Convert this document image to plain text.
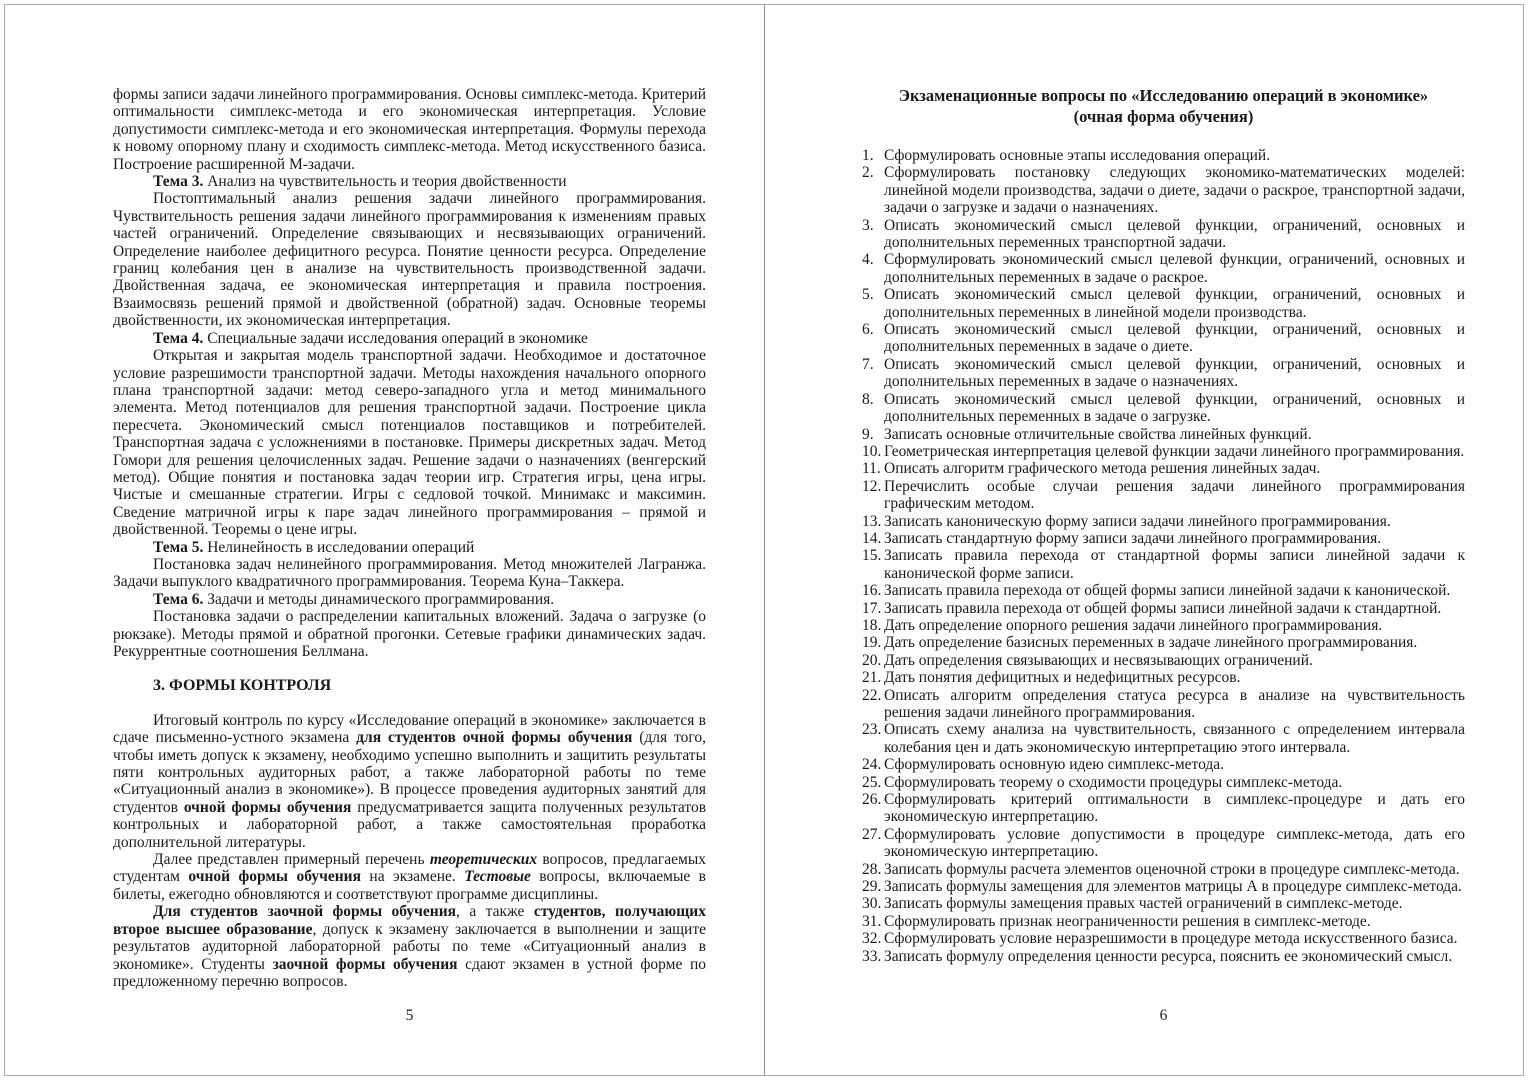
формы записи задачи линейного программирования. Основы симплекс-метода. Критерий оптимальности симплекс-метода и его экономическая интерпретация. Условие допустимости симплекс-метода и его экономическая интерпретация. Формулы перехода к новому опорному плану и сходимость симплекс-метода. Метод искусственного базиса. Построение расширенной М-задачи.

Тема 3. Анализ на чувствительность и теория двойственности

Постоптимальный анализ решения задачи линейного программирования. Чувствительность решения задачи линейного программирования к изменениям правых частей ограничений. Определение связывающих и несвязывающих ограничений. Определение наиболее дефицитного ресурса. Понятие ценности ресурса. Определение границ колебания цен в анализе на чувствительность производственной задачи. Двойственная задача, ее экономическая интерпретация и правила построения. Взаимосвязь решений прямой и двойственной (обратной) задач. Основные теоремы двойственности, их экономическая интерпретация.

Тема 4. Специальные задачи исследования операций в экономике

Открытая и закрытая модель транспортной задачи. Необходимое и достаточное условие разрешимости транспортной задачи. Методы нахождения начального опорного плана транспортной задачи: метод северо-западного угла и метод минимального элемента. Метод потенциалов для решения транспортной задачи. Построение цикла пересчета. Экономический смысл потенциалов поставщиков и потребителей. Транспортная задача с усложнениями в постановке. Примеры дискретных задач. Метод Гомори для решения целочисленных задач. Решение задачи о назначениях (венгерский метод). Общие понятия и постановка задач теории игр. Стратегия игры, цена игры. Чистые и смешанные стратегии. Игры с седловой точкой. Минимакс и максимин. Сведение матричной игры к паре задач линейного программирования – прямой и двойственной. Теоремы о цене игры.

Тема 5. Нелинейность в исследовании операций

Постановка задач нелинейного программирования. Метод множителей Лагранжа. Задачи выпуклого квадратичного программирования. Теорема Куна–Таккера.

Тема 6. Задачи и методы динамического программирования.

Постановка задачи о распределении капитальных вложений. Задача о загрузке (о рюкзаке). Методы прямой и обратной прогонки. Сетевые графики динамических задач. Рекуррентные соотношения Беллмана.

3. ФОРМЫ КОНТРОЛЯ

Итоговый контроль по курсу «Исследование операций в экономике» заключается в сдаче письменно-устного экзамена для студентов очной формы обучения (для того, чтобы иметь допуск к экзамену, необходимо успешно выполнить и защитить результаты пяти контрольных аудиторных работ, а также лабораторной работы по теме «Ситуационный анализ в экономике»). В процессе проведения аудиторных занятий для студентов очной формы обучения предусматривается защита полученных результатов контрольных и лабораторной работ, а также самостоятельная проработка дополнительной литературы.

Далее представлен примерный перечень теоретических вопросов, предлагаемых студентам очной формы обучения на экзамене. Тестовые вопросы, включаемые в билеты, ежегодно обновляются и соответствуют программе дисциплины.

Для студентов заочной формы обучения, а также студентов, получающих второе высшее образование, допуск к экзамену заключается в выполнении и защите результатов аудиторной лабораторной работы по теме «Ситуационный анализ в экономике». Студенты заочной формы обучения сдают экзамен в устной форме по предложенному перечню вопросов.

5
Экзаменационные вопросы по «Исследованию операций в экономике»
(очная форма обучения)
1. Сформулировать основные этапы исследования операций.
2. Сформулировать постановку следующих экономико-математических моделей: линейной модели производства, задачи о диете, задачи о раскрое, транспортной задачи, задачи о загрузке и задачи о назначениях.
3. Описать экономический смысл целевой функции, ограничений, основных и дополнительных переменных транспортной задачи.
4. Сформулировать экономический смысл целевой функции, ограничений, основных и дополнительных переменных в задаче о раскрое.
5. Описать экономический смысл целевой функции, ограничений, основных и дополнительных переменных в линейной модели производства.
6. Описать экономический смысл целевой функции, ограничений, основных и дополнительных переменных в задаче о диете.
7. Описать экономический смысл целевой функции, ограничений, основных и дополнительных переменных в задаче о назначениях.
8. Описать экономический смысл целевой функции, ограничений, основных и дополнительных переменных в задаче о загрузке.
9. Записать основные отличительные свойства линейных функций.
10. Геометрическая интерпретация целевой функции задачи линейного программирования.
11. Описать алгоритм графического метода решения линейных задач.
12. Перечислить особые случаи решения задачи линейного программирования графическим методом.
13. Записать каноническую форму записи задачи линейного программирования.
14. Записать стандартную форму записи задачи линейного программирования.
15. Записать правила перехода от стандартной формы записи линейной задачи к канонической форме записи.
16. Записать правила перехода от общей формы записи линейной задачи к канонической.
17. Записать правила перехода от общей формы записи линейной задачи к стандартной.
18. Дать определение опорного решения задачи линейного программирования.
19. Дать определение базисных переменных в задаче линейного программирования.
20. Дать определения связывающих и несвязывающих ограничений.
21. Дать понятия дефицитных и недефицитных ресурсов.
22. Описать алгоритм определения статуса ресурса в анализе на чувствительность решения задачи линейного программирования.
23. Описать схему анализа на чувствительность, связанного с определением интервала колебания цен и дать экономическую интерпретацию этого интервала.
24. Сформулировать основную идею симплекс-метода.
25. Сформулировать теорему о сходимости процедуры симплекс-метода.
26. Сформулировать критерий оптимальности в симплекс-процедуре и дать его экономическую интерпретацию.
27. Сформулировать условие допустимости в процедуре симплекс-метода, дать его экономическую интерпретацию.
28. Записать формулы расчета элементов оценочной строки в процедуре симплекс-метода.
29. Записать формулы замещения для элементов матрицы А в процедуре симплекс-метода.
30. Записать формулы замещения правых частей ограничений в симплекс-методе.
31. Сформулировать признак неограниченности решения в симплекс-методе.
32. Сформулировать условие неразрешимости в процедуре метода искусственного базиса.
33. Записать формулу определения ценности ресурса, пояснить ее экономический смысл.
6
